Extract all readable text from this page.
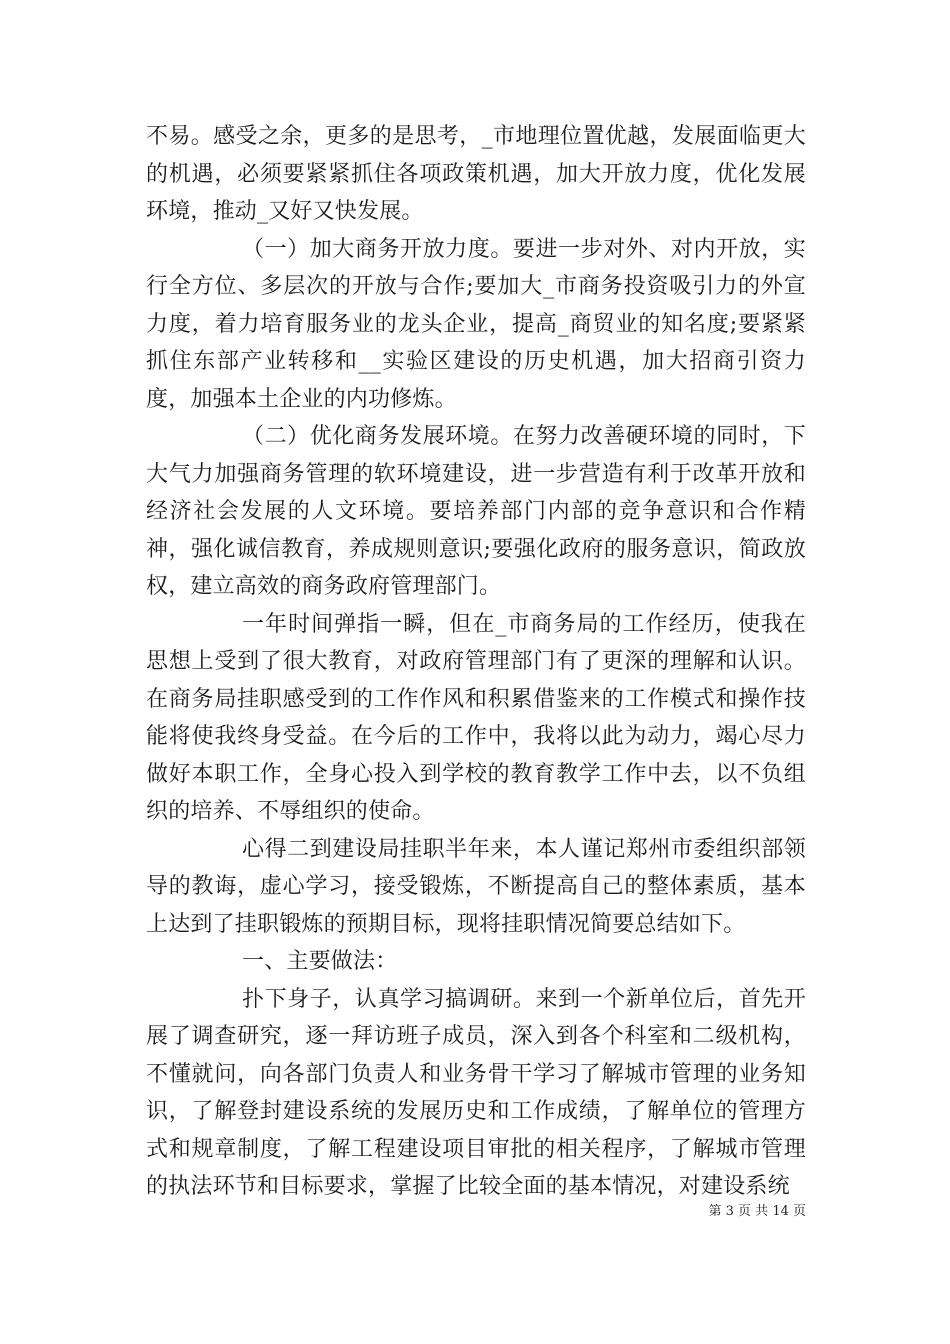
不易。感受之余，更多的是思考，_市地理位置优越，发展面临更大的机遇，必须要紧紧抓住各项政策机遇，加大开放力度，优化发展环境，推动_又好又快发展。

（一）加大商务开放力度。要进一步对外、对内开放，实行全方位、多层次的开放与合作;要加大_市商务投资吸引力的外宣力度，着力培育服务业的龙头企业，提高_商贸业的知名度;要紧紧抓住东部产业转移和__实验区建设的历史机遇，加大招商引资力度，加强本土企业的内功修炼。

（二）优化商务发展环境。在努力改善硬环境的同时，下大气力加强商务管理的软环境建设，进一步营造有利于改革开放和经济社会发展的人文环境。要培养部门内部的竞争意识和合作精神，强化诚信教育，养成规则意识;要强化政府的服务意识，简政放权，建立高效的商务政府管理部门。

一年时间弹指一瞬，但在_市商务局的工作经历，使我在思想上受到了很大教育，对政府管理部门有了更深的理解和认识。在商务局挂职感受到的工作作风和积累借鉴来的工作模式和操作技能将使我终身受益。在今后的工作中，我将以此为动力，竭心尽力做好本职工作，全身心投入到学校的教育教学工作中去，以不负组织的培养、不辱组织的使命。

心得二到建设局挂职半年来，本人谨记郑州市委组织部领导的教诲，虚心学习，接受锻炼，不断提高自己的整体素质，基本上达到了挂职锻炼的预期目标，现将挂职情况简要总结如下。

一、主要做法：

扑下身子，认真学习搞调研。来到一个新单位后，首先开展了调查研究，逐一拜访班子成员，深入到各个科室和二级机构，不懂就问，向各部门负责人和业务骨干学习了解城市管理的业务知识，了解登封建设系统的发展历史和工作成绩，了解单位的管理方式和规章制度，了解工程建设项目审批的相关程序，了解城市管理的执法环节和目标要求，掌握了比较全面的基本情况，对建设系统

第 3 页 共 14 页
